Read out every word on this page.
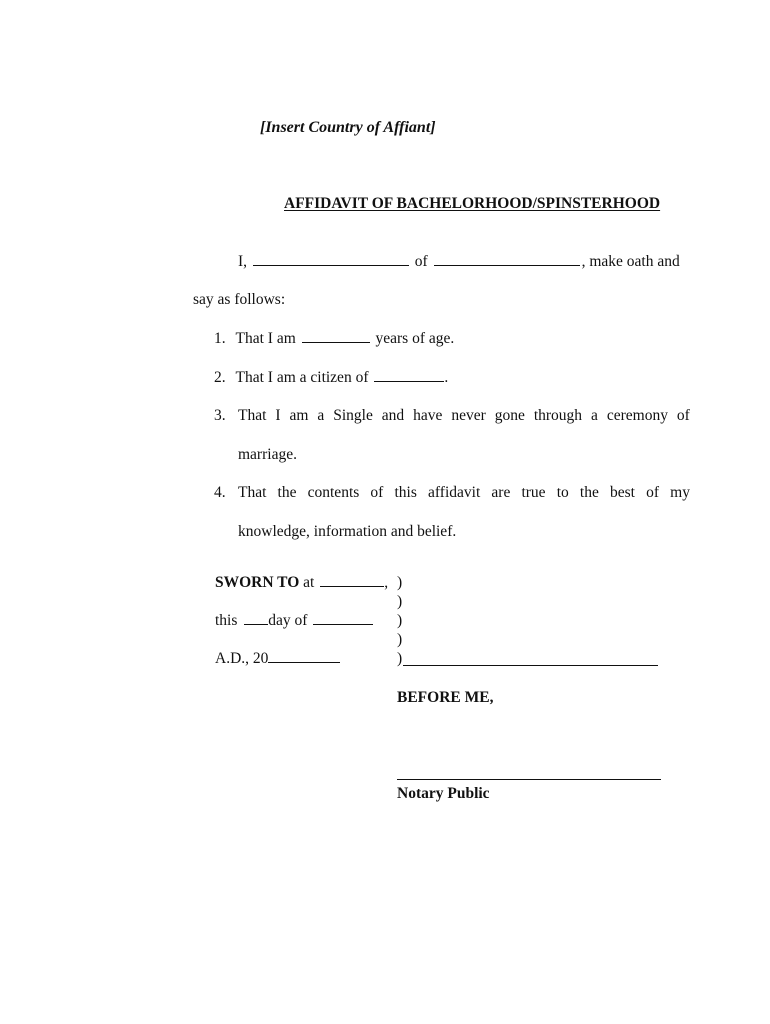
[Insert Country of Affiant]
AFFIDAVIT OF BACHELORHOOD/SPINSTERHOOD
I,	of	, make oath and
say as follows:
1. That I am	years of age.
2. That I am a citizen of	.
3. That I am a Single and have never gone through a ceremony of
marriage.
4. That the contents of this affidavit are true to the best of my
knowledge, information and belief.
SWORN TO at	,
this day of
A.D., 20
)
)
)
)
)
BEFORE ME,
Notary Public
